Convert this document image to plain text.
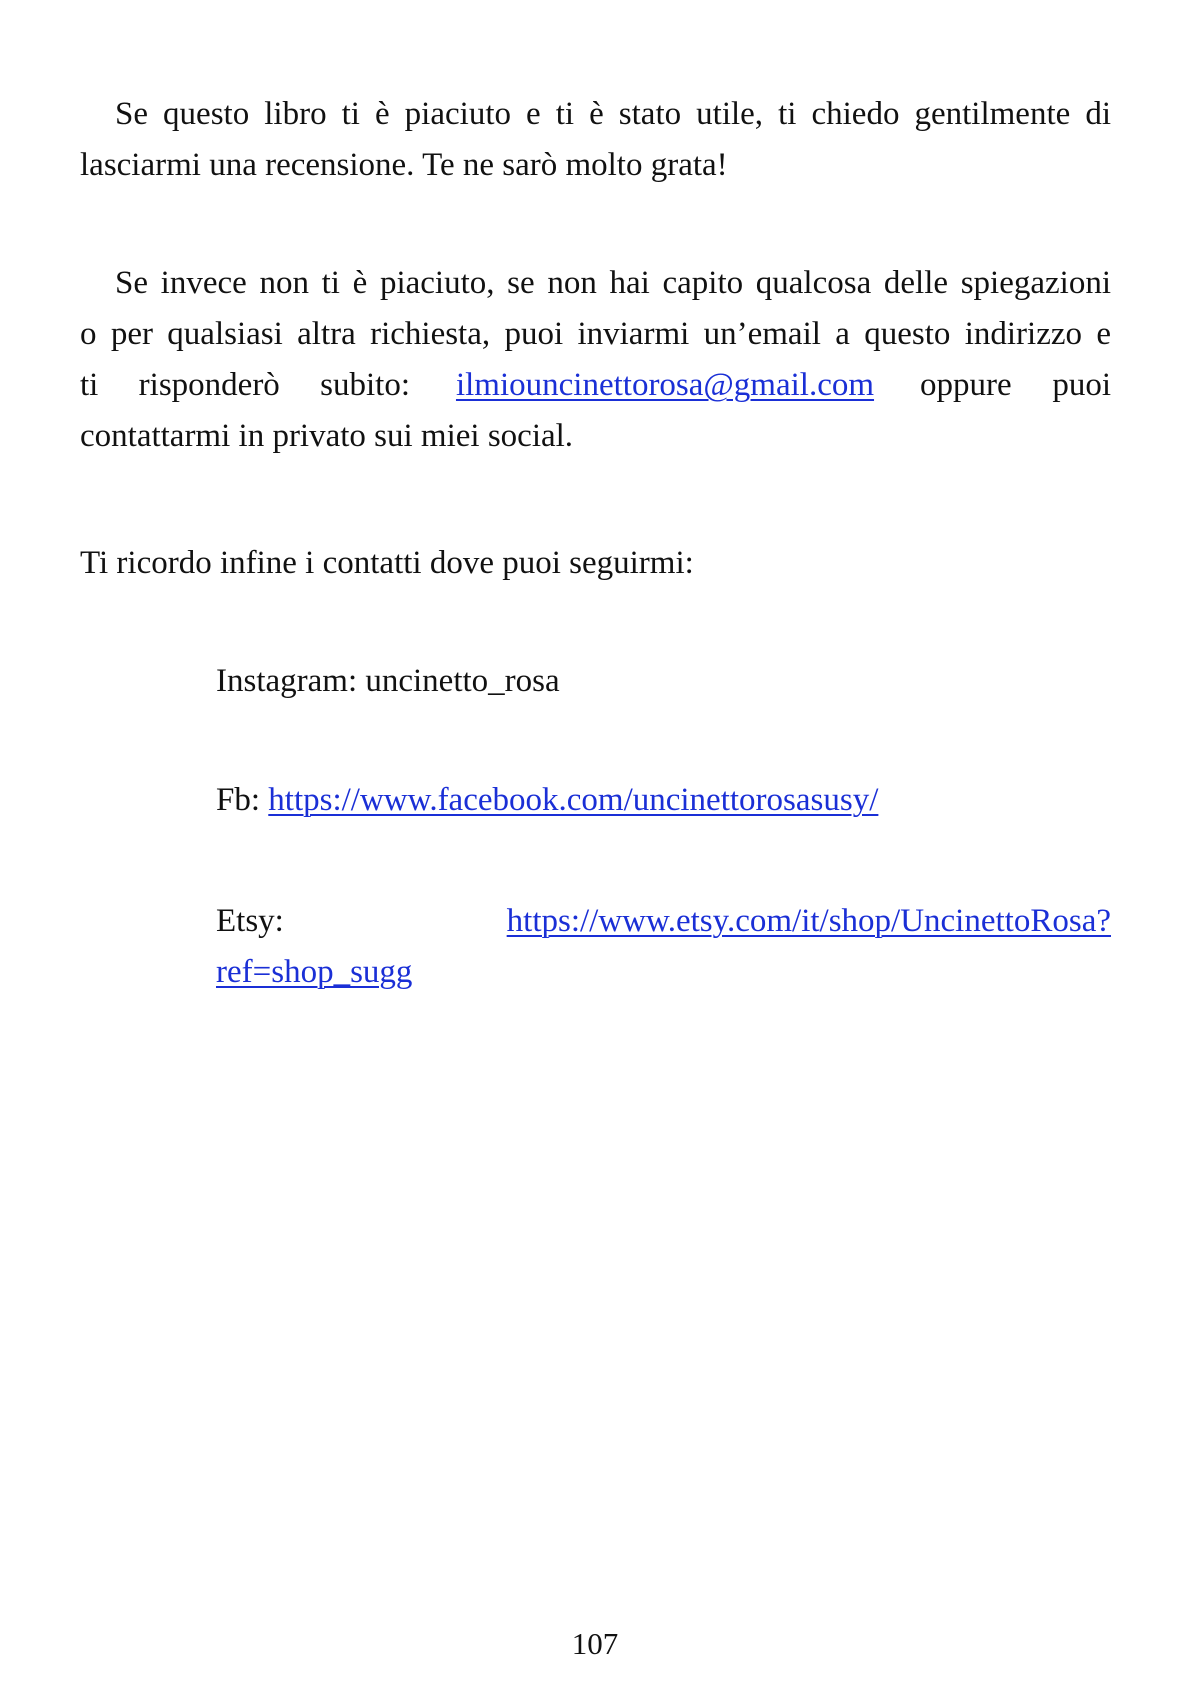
Se questo libro ti è piaciuto e ti è stato utile, ti chiedo gentilmente di
lasciarmi una recensione. Te ne sarò molto grata!
Se invece non ti è piaciuto, se non hai capito qualcosa delle spiegazioni
o per qualsiasi altra richiesta, puoi inviarmi un’email a questo indirizzo e
ti risponderò subito: ilmiouncinettorosa@gmail.com oppure puoi
contattarmi in privato sui miei social.

Ti ricordo infine i contatti dove puoi seguirmi:

Instagram: uncinetto_rosa

Fb: https://www.facebook.com/uncinettorosasusy/

Etsy:	https://www.etsy.com/it/shop/UncinettoRosa?
ref=shop_sugg
107
